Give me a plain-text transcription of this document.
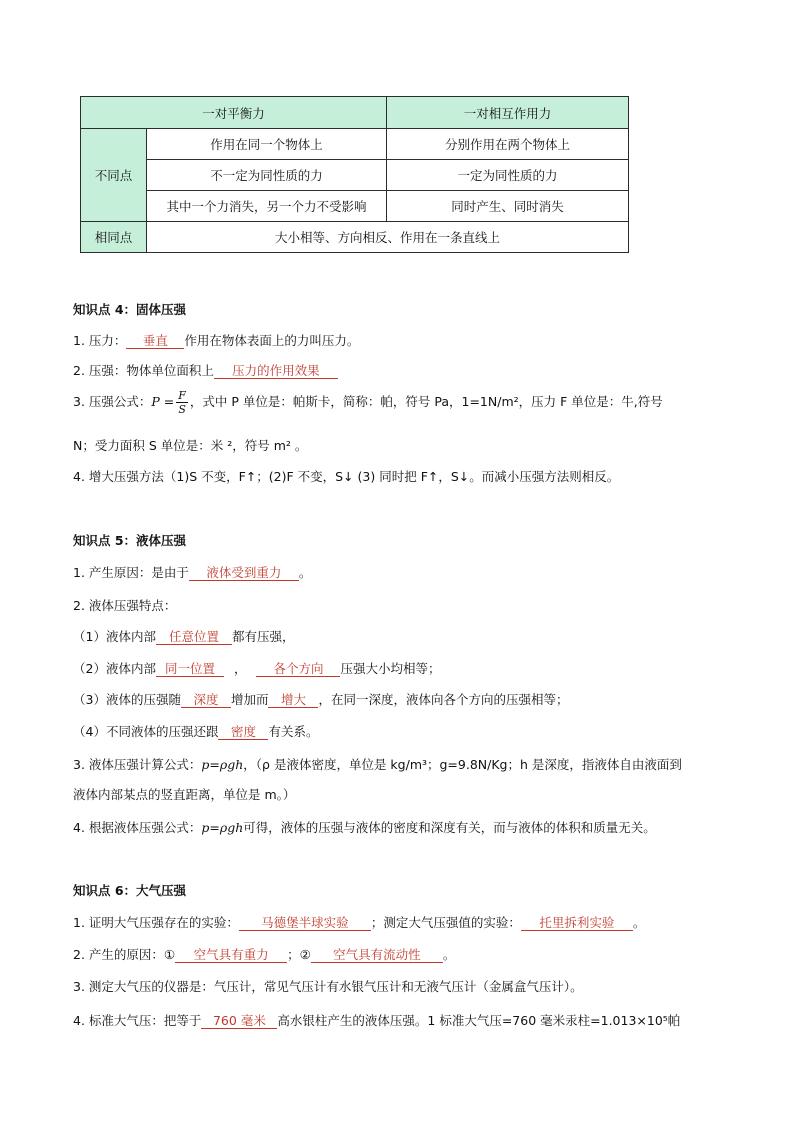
一对平衡力		一对相互作用力
不同点	作用在同一个物体上	分别作用在两个物体上
	不一定为同性质的力	一定为同性质的力
	其中一个力消失，另一个力不受影响	同时产生、同时消失
相同点	大小相等、方向相反、作用在一条直线上	
知识点 4：固体压强
1. 压力： 垂直 作用在物体表面上的力叫压力。
2. 压强：物体单位面积上 压力的作用效果
3. 压强公式：$P = \frac{F}{S}$ ，式中 P 单位是：帕斯卡，简称：帕，符号 Pa，1=1N/m²，压力 F 单位是：牛,符号
N；受力面积 S 单位是：米 ²，符号 m² 。
4. 增大压强方法（1)S 不变，F↑；(2)F 不变，S↓ (3) 同时把 F↑，S↓。而减小压强方法则相反。
知识点 5：液体压强
1. 产生原因：是由于 液体受到重力 。
2. 液体压强特点：
（1）液体内部 任意位置 都有压强，
（2）液体内部 同一位置 ， 各个方向 压强大小均相等；
（3）液体的压强随 深度 增加而 增大 ，在同一深度，液体向各个方向的压强相等；
（4）不同液体的压强还跟 密度 有关系。
3. 液体压强计算公式：p=ρgh，（ρ 是液体密度，单位是 kg/m³；g=9.8N/Kg；h 是深度，指液体自由液面到
液体内部某点的竖直距离，单位是 m。）
4. 根据液体压强公式：p=ρgh可得，液体的压强与液体的密度和深度有关，而与液体的体积和质量无关。
知识点 6：大气压强
1. 证明大气压强存在的实验： 马德堡半球实验 ；测定大气压强值的实验： 托里拆利实验 。
2. 产生的原因：① 空气具有重力 ；② 空气具有流动性 。
3. 测定大气压的仪器是：气压计，常见气压计有水银气压计和无液气压计（金属盒气压计）。
4. 标准大气压：把等于 760 毫米 高水银柱产生的液体压强。1 标准大气压=760 毫米汞柱=1.013×10⁵帕
